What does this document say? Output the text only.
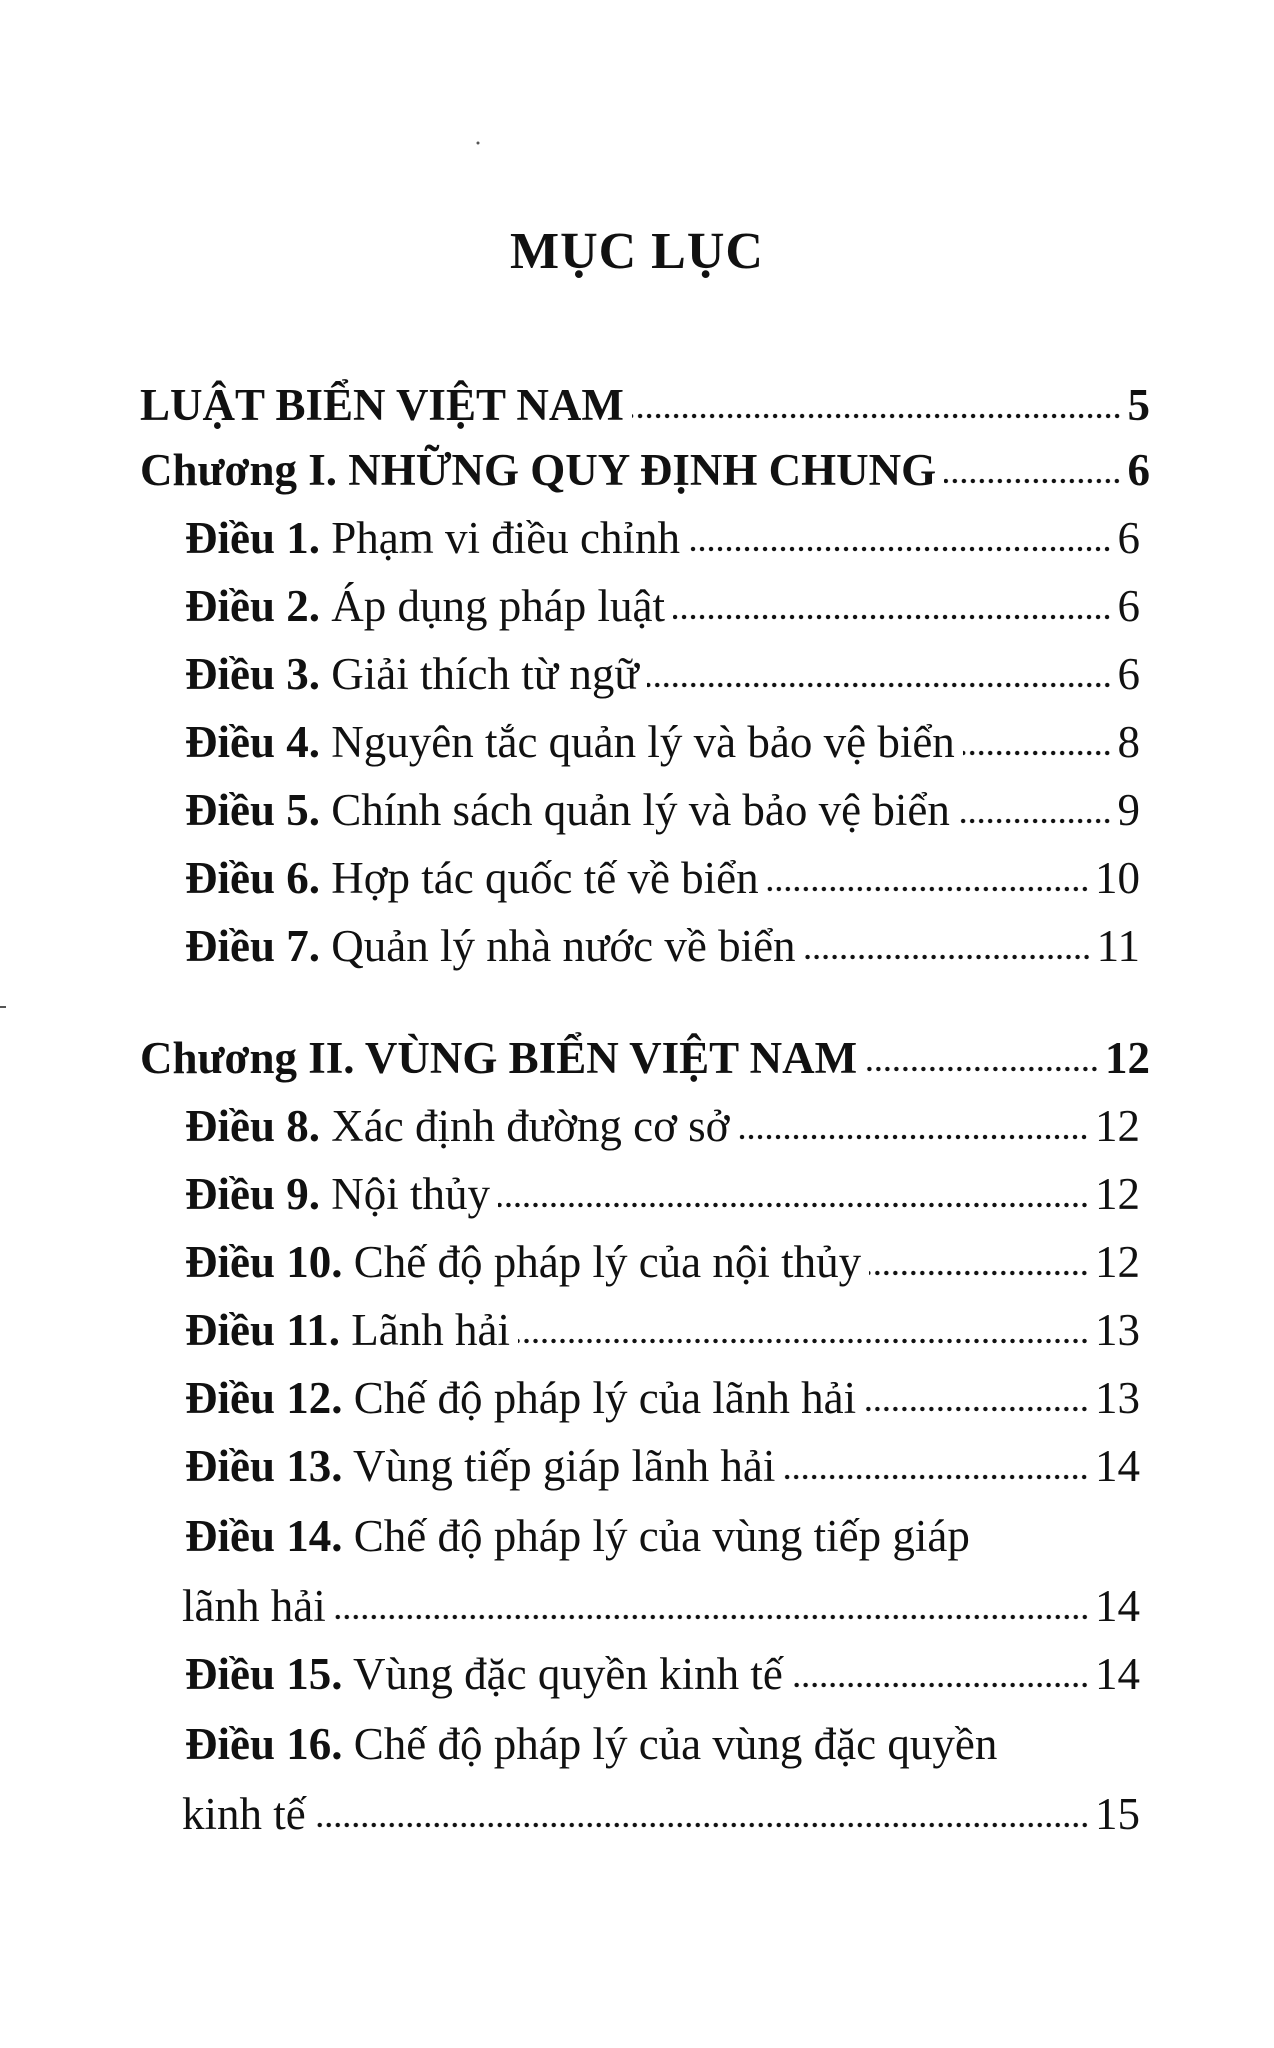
MỤC LỤC
LUẬT BIỂN VIỆT NAM	5
Chương I. NHỮNG QUY ĐỊNH CHUNG	6
Điều 1. Phạm vi điều chỉnh	6
Điều 2. Áp dụng pháp luật	6
Điều 3. Giải thích từ ngữ	6
Điều 4. Nguyên tắc quản lý và bảo vệ biển	8
Điều 5. Chính sách quản lý và bảo vệ biển	9
Điều 6. Hợp tác quốc tế về biển	10
Điều 7. Quản lý nhà nước về biển	11
Chương II. VÙNG BIỂN VIỆT NAM	12
Điều 8. Xác định đường cơ sở	12
Điều 9. Nội thủy	12
Điều 10. Chế độ pháp lý của nội thủy	12
Điều 11. Lãnh hải	13
Điều 12. Chế độ pháp lý của lãnh hải	13
Điều 13. Vùng tiếp giáp lãnh hải	14
Điều 14. Chế độ pháp lý của vùng tiếp giáp
lãnh hải	14
Điều 15. Vùng đặc quyền kinh tế	14
Điều 16. Chế độ pháp lý của vùng đặc quyền
kinh tế	15
